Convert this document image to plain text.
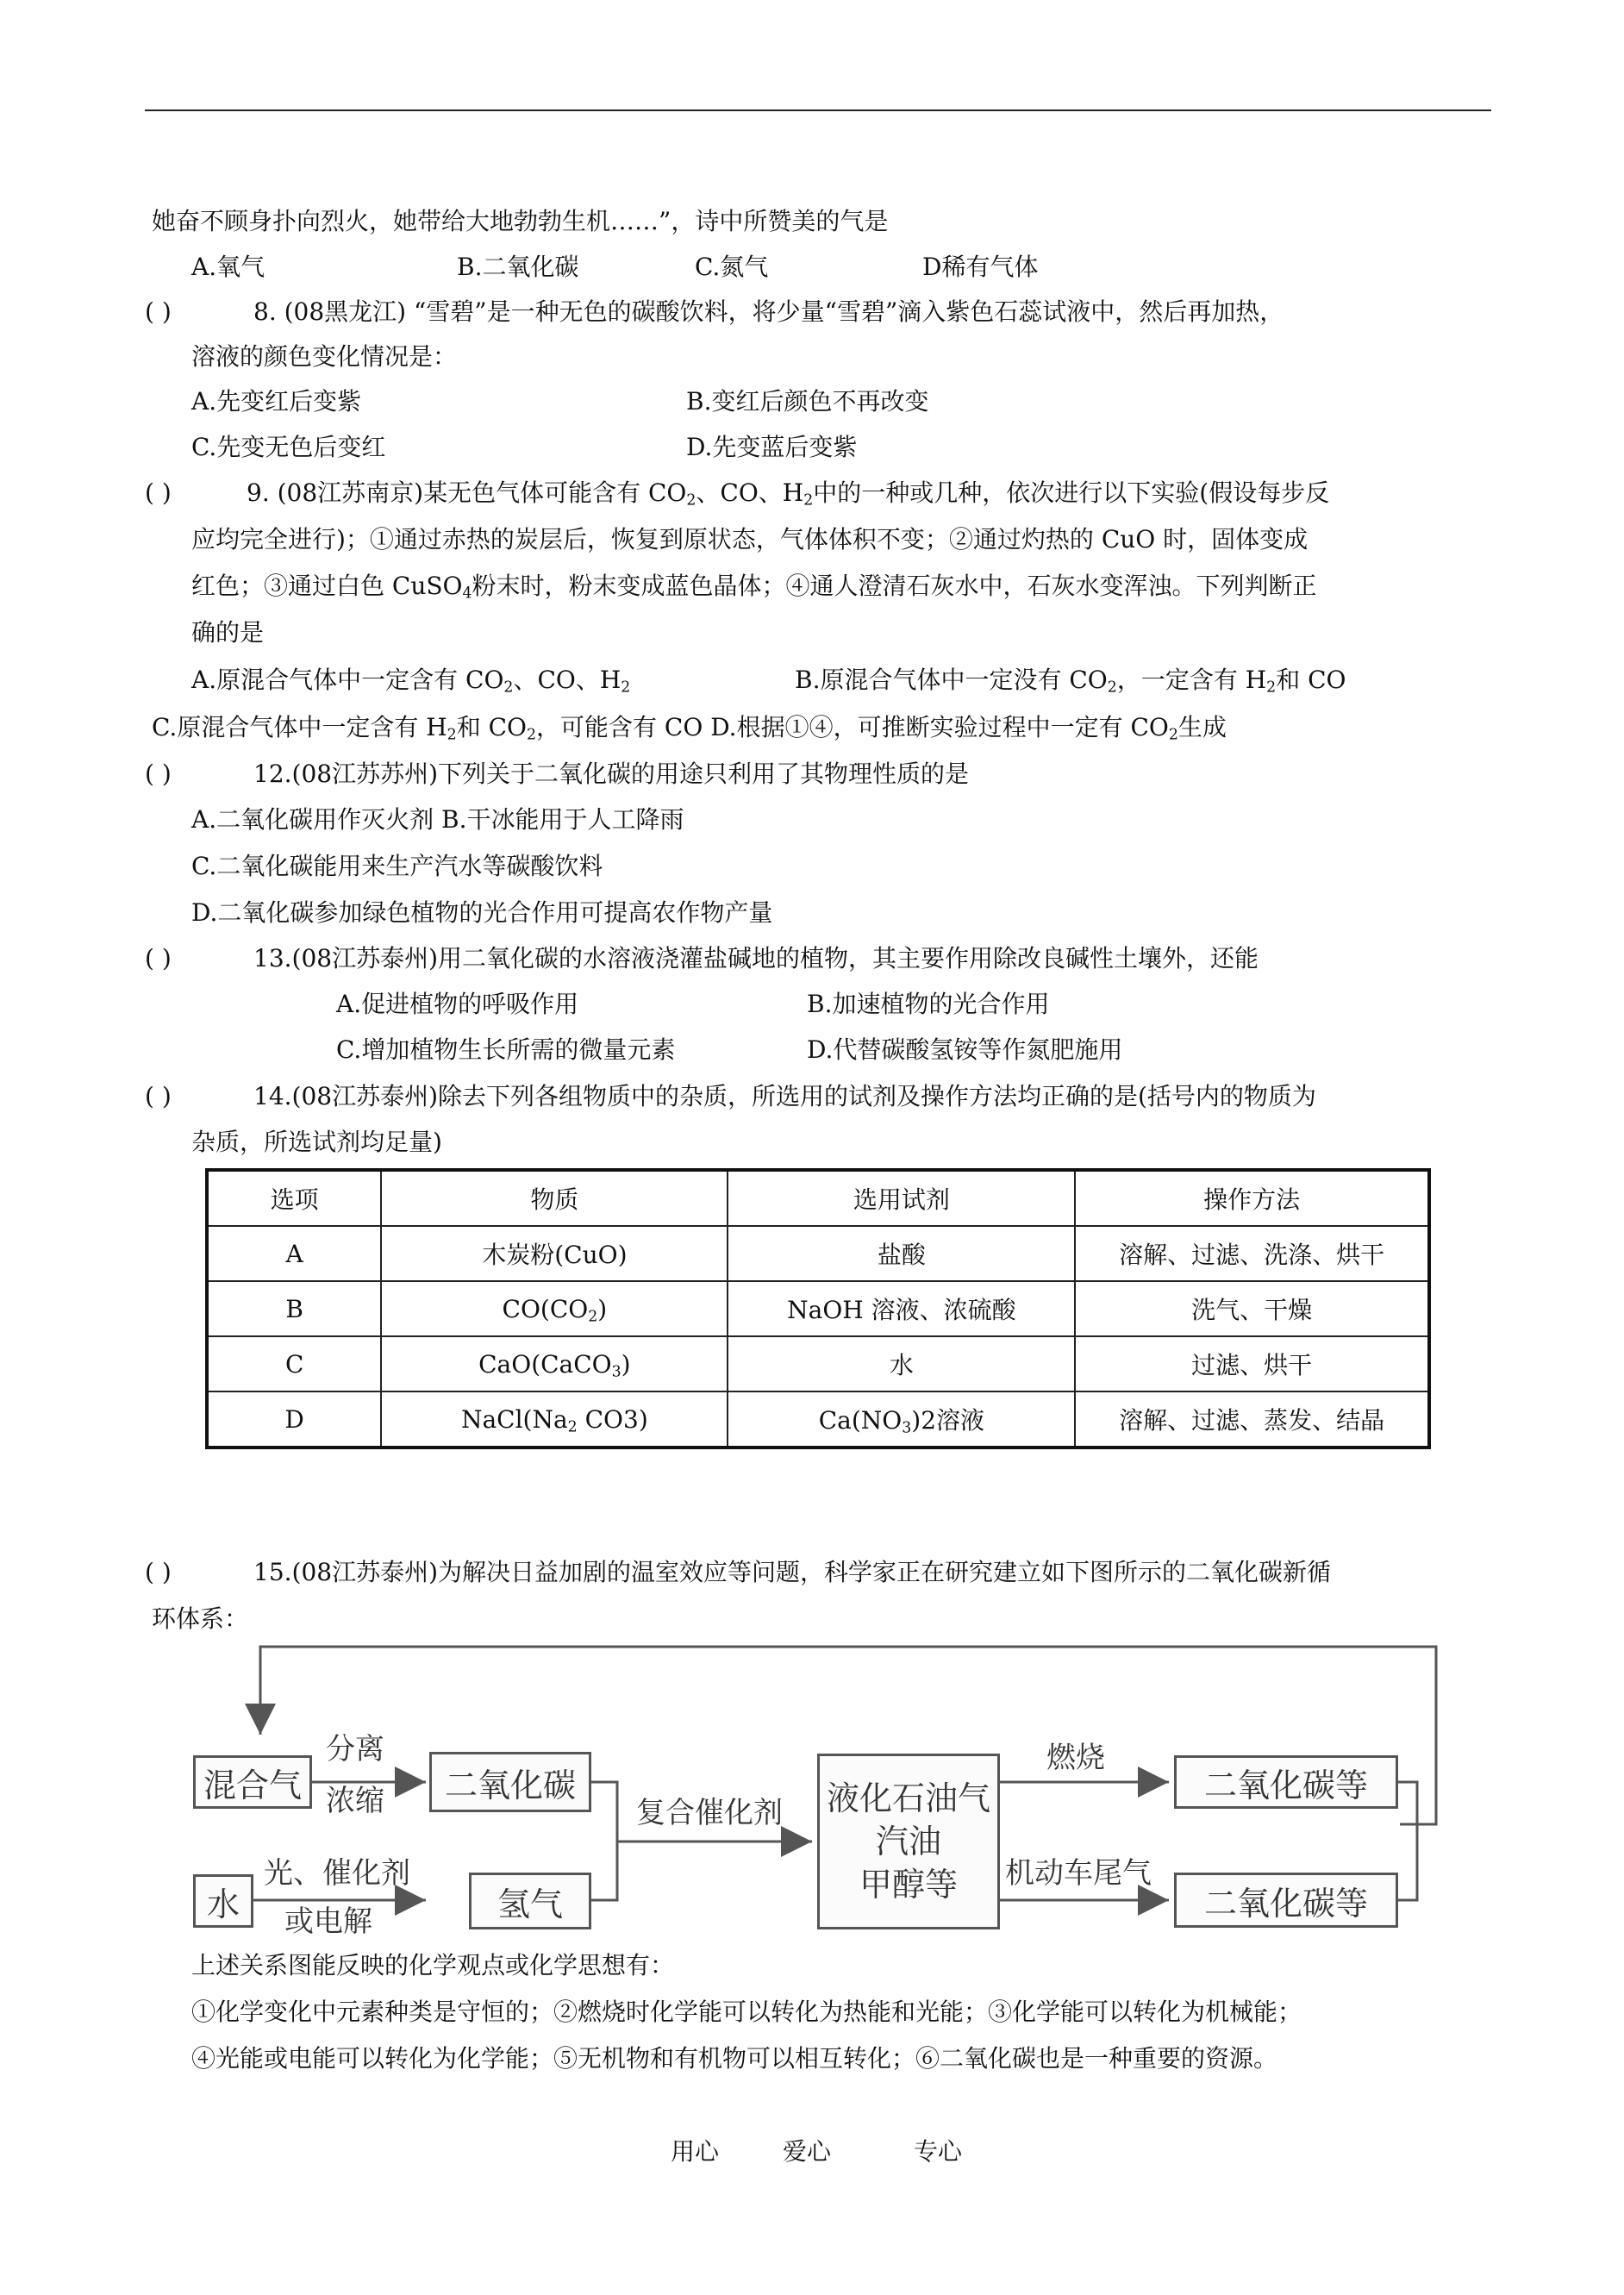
她奋不顾身扑向烈火，她带给大地勃勃生机……”，诗中所赞美的气是
A.氧气	B.二氧化碳	C.氮气	D稀有气体
( )	8. (08黑龙江) “雪碧”是一种无色的碳酸饮料，将少量“雪碧”滴入紫色石蕊试液中，然后再加热，
溶液的颜色变化情况是：
A.先变红后变紫	B.变红后颜色不再改变
C.先变无色后变红	D.先变蓝后变紫
( )	9. (08江苏南京)某无色气体可能含有 $CO_2$、CO、$H_2$中的一种或几种，依次进行以下实验(假设每步反
应均完全进行)；①通过赤热的炭层后，恢复到原状态，气体体积不变；②通过灼热的 CuO 时，固体变成
红色；③通过白色 CuSO$_4$粉末时，粉末变成蓝色晶体；④通人澄清石灰水中，石灰水变浑浊。下列判断正
确的是
A.原混合气体中一定含有 $CO_2$、CO、$H_2$	B.原混合气体中一定没有 $CO_2$，一定含有 $H_2$和 CO
C.原混合气体中一定含有 $H_2$和 $CO_2$，可能含有 CO D.根据①④，可推断实验过程中一定有 $CO_2$生成
( )	12.(08江苏苏州)下列关于二氧化碳的用途只利用了其物理性质的是
A.二氧化碳用作灭火剂 B.干冰能用于人工降雨
C.二氧化碳能用来生产汽水等碳酸饮料
D.二氧化碳参加绿色植物的光合作用可提高农作物产量
( )	13.(08江苏泰州)用二氧化碳的水溶液浇灌盐碱地的植物，其主要作用除改良碱性土壤外，还能
A.促进植物的呼吸作用	B.加速植物的光合作用
C.增加植物生长所需的微量元素	D.代替碳酸氢铵等作氮肥施用
( )	14.(08江苏泰州)除去下列各组物质中的杂质，所选用的试剂及操作方法均正确的是(括号内的物质为
杂质，所选试剂均足量)
选项	物质	选用试剂	操作方法
A	木炭粉(CuO)	盐酸	溶解、过滤、洗涤、烘干
B	$CO(CO_2)$	NaOH 溶液、浓硫酸	洗气、干燥
C	CaO(CaCO$_3$)	水	过滤、烘干
D	$NaCl(Na_2$ CO3)	$Ca(NO_3)2$溶液	溶解、过滤、蒸发、结晶
( )	15.(08江苏泰州)为解决日益加剧的温室效应等问题，科学家正在研究建立如下图所示的二氧化碳新循
环体系：
混合气
水
二氧化碳
氢气
液化石油气
汽油
甲醇等
二氧化碳等
二氧化碳等
分离
浓缩
光、催化剂
或电解
复合催化剂
燃烧
机动车尾气
上述关系图能反映的化学观点或化学思想有：
①化学变化中元素种类是守恒的；②燃烧时化学能可以转化为热能和光能；③化学能可以转化为机械能；
④光能或电能可以转化为化学能；⑤无机物和有机物可以相互转化；⑥二氧化碳也是一种重要的资源。
用心	爱心	专心
